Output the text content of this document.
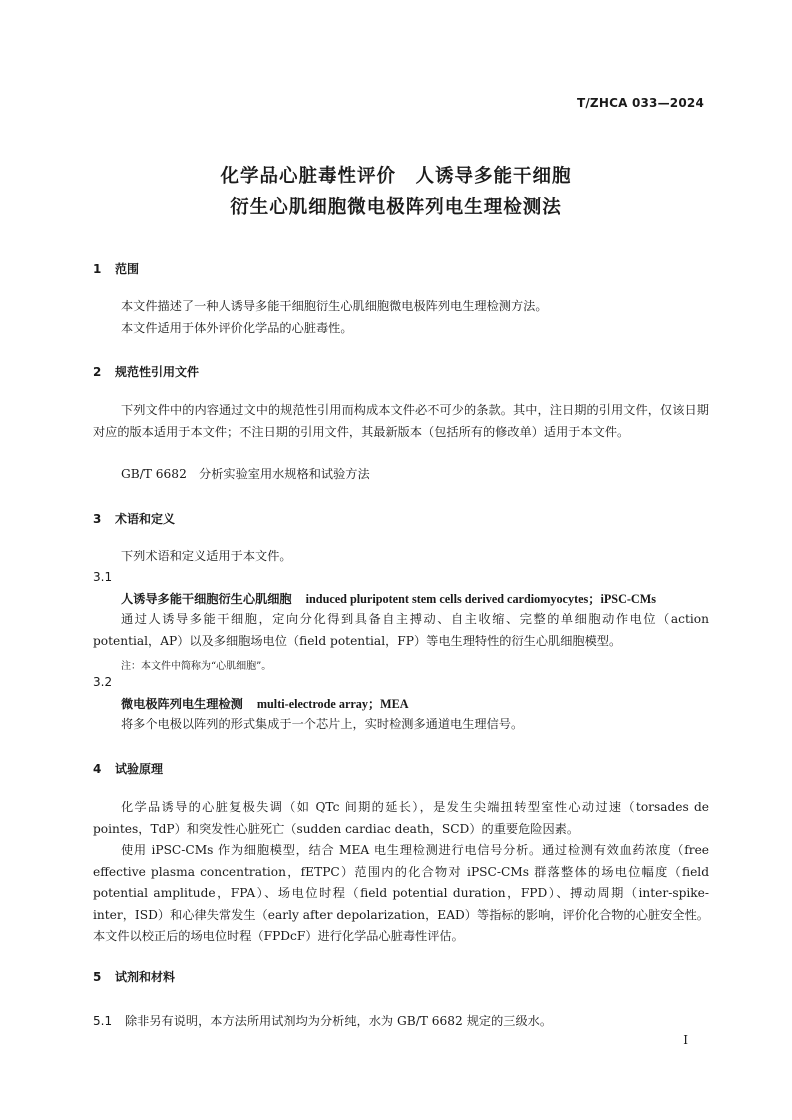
T/ZHCA 033—2024
化学品心脏毒性评价　人诱导多能干细胞
衍生心肌细胞微电极阵列电生理检测法
1 范围
本文件描述了一种人诱导多能干细胞衍生心肌细胞微电极阵列电生理检测方法。
本文件适用于体外评价化学品的心脏毒性。
2 规范性引用文件
下列文件中的内容通过文中的规范性引用而构成本文件必不可少的条款。其中，注日期的引用文件，仅该日期对应的版本适用于本文件；不注日期的引用文件，其最新版本（包括所有的修改单）适用于本文件。
GB/T 6682　分析实验室用水规格和试验方法
3 术语和定义
下列术语和定义适用于本文件。
3.1
人诱导多能干细胞衍生心肌细胞 induced pluripotent stem cells derived cardiomyocytes；iPSC-CMs
通过人诱导多能干细胞，定向分化得到具备自主搏动、自主收缩、完整的单细胞动作电位（action potential，AP）以及多细胞场电位（field potential，FP）等电生理特性的衍生心肌细胞模型。
注：本文件中简称为“心肌细胞”。
3.2
微电极阵列电生理检测 multi-electrode array；MEA
将多个电极以阵列的形式集成于一个芯片上，实时检测多通道电生理信号。
4 试验原理
化学品诱导的心脏复极失调（如 QTc 间期的延长），是发生尖端扭转型室性心动过速（torsades de pointes，TdP）和突发性心脏死亡（sudden cardiac death，SCD）的重要危险因素。
使用 iPSC-CMs 作为细胞模型，结合 MEA 电生理检测进行电信号分析。通过检测有效血药浓度（free effective plasma concentration，fETPC）范围内的化合物对 iPSC-CMs 群落整体的场电位幅度（field potential amplitude，FPA）、场电位时程（field potential duration，FPD）、搏动周期（inter-spike-inter，ISD）和心律失常发生（early after depolarization，EAD）等指标的影响，评价化合物的心脏安全性。本文件以校正后的场电位时程（FPDcF）进行化学品心脏毒性评估。
5 试剂和材料
5.1 除非另有说明，本方法所用试剂均为分析纯，水为 GB/T 6682 规定的三级水。
I
